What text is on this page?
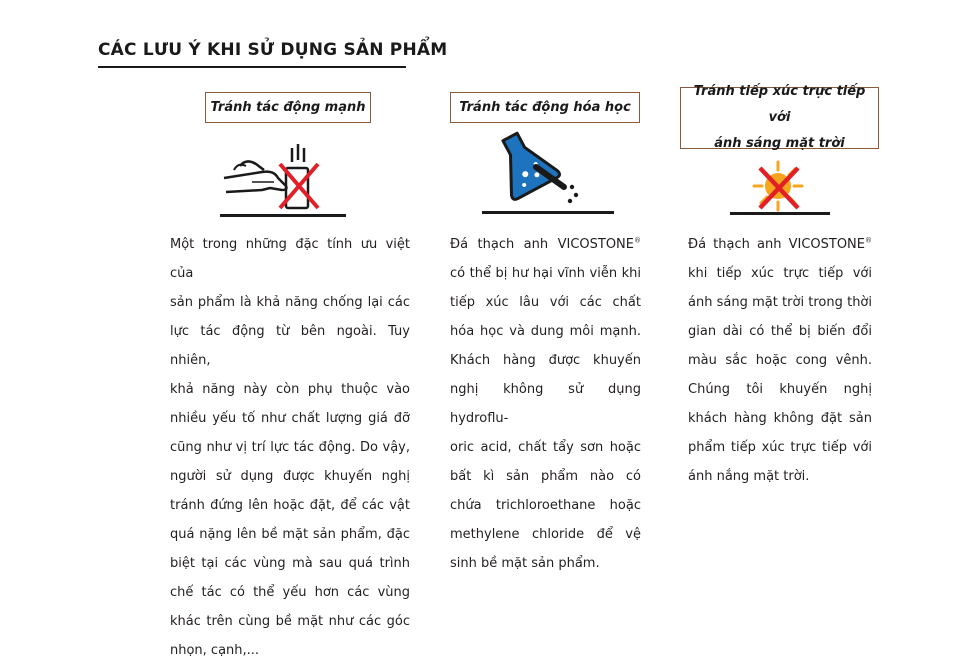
CÁC LƯU Ý KHI SỬ DỤNG SẢN PHẨM
Tránh tác động mạnh
Một trong những đặc tính ưu việt của
sản phẩm là khả năng chống lại các
lực tác động từ bên ngoài. Tuy nhiên,
khả năng này còn phụ thuộc vào
nhiều yếu tố như chất lượng giá đỡ
cũng như vị trí lực tác động. Do vậy,
người sử dụng được khuyến nghị
tránh đứng lên hoặc đặt, để các vật
quá nặng lên bề mặt sản phẩm, đặc
biệt tại các vùng mà sau quá trình
chế tác có thể yếu hơn các vùng
khác trên cùng bề mặt như các góc
nhọn, cạnh,...
Tránh tác động hóa học
Đá thạch anh VICOSTONE®
có thể bị hư hại vĩnh viễn khi
tiếp xúc lâu với các chất
hóa học và dung môi mạnh.
Khách hàng được khuyến
nghị không sử dụng hydroflu-
oric acid, chất tẩy sơn hoặc
bất kì sản phẩm nào có
chứa trichloroethane hoặc
methylene chloride để vệ
sinh bề mặt sản phẩm.
Tránh tiếp xúc trực tiếp với
ánh sáng mặt trời
Đá thạch anh VICOSTONE®
khi tiếp xúc trực tiếp với
ánh sáng mặt trời trong thời
gian dài có thể bị biến đổi
màu sắc hoặc cong vênh.
Chúng tôi khuyến nghị
khách hàng không đặt sản
phẩm tiếp xúc trực tiếp với
ánh nắng mặt trời.
